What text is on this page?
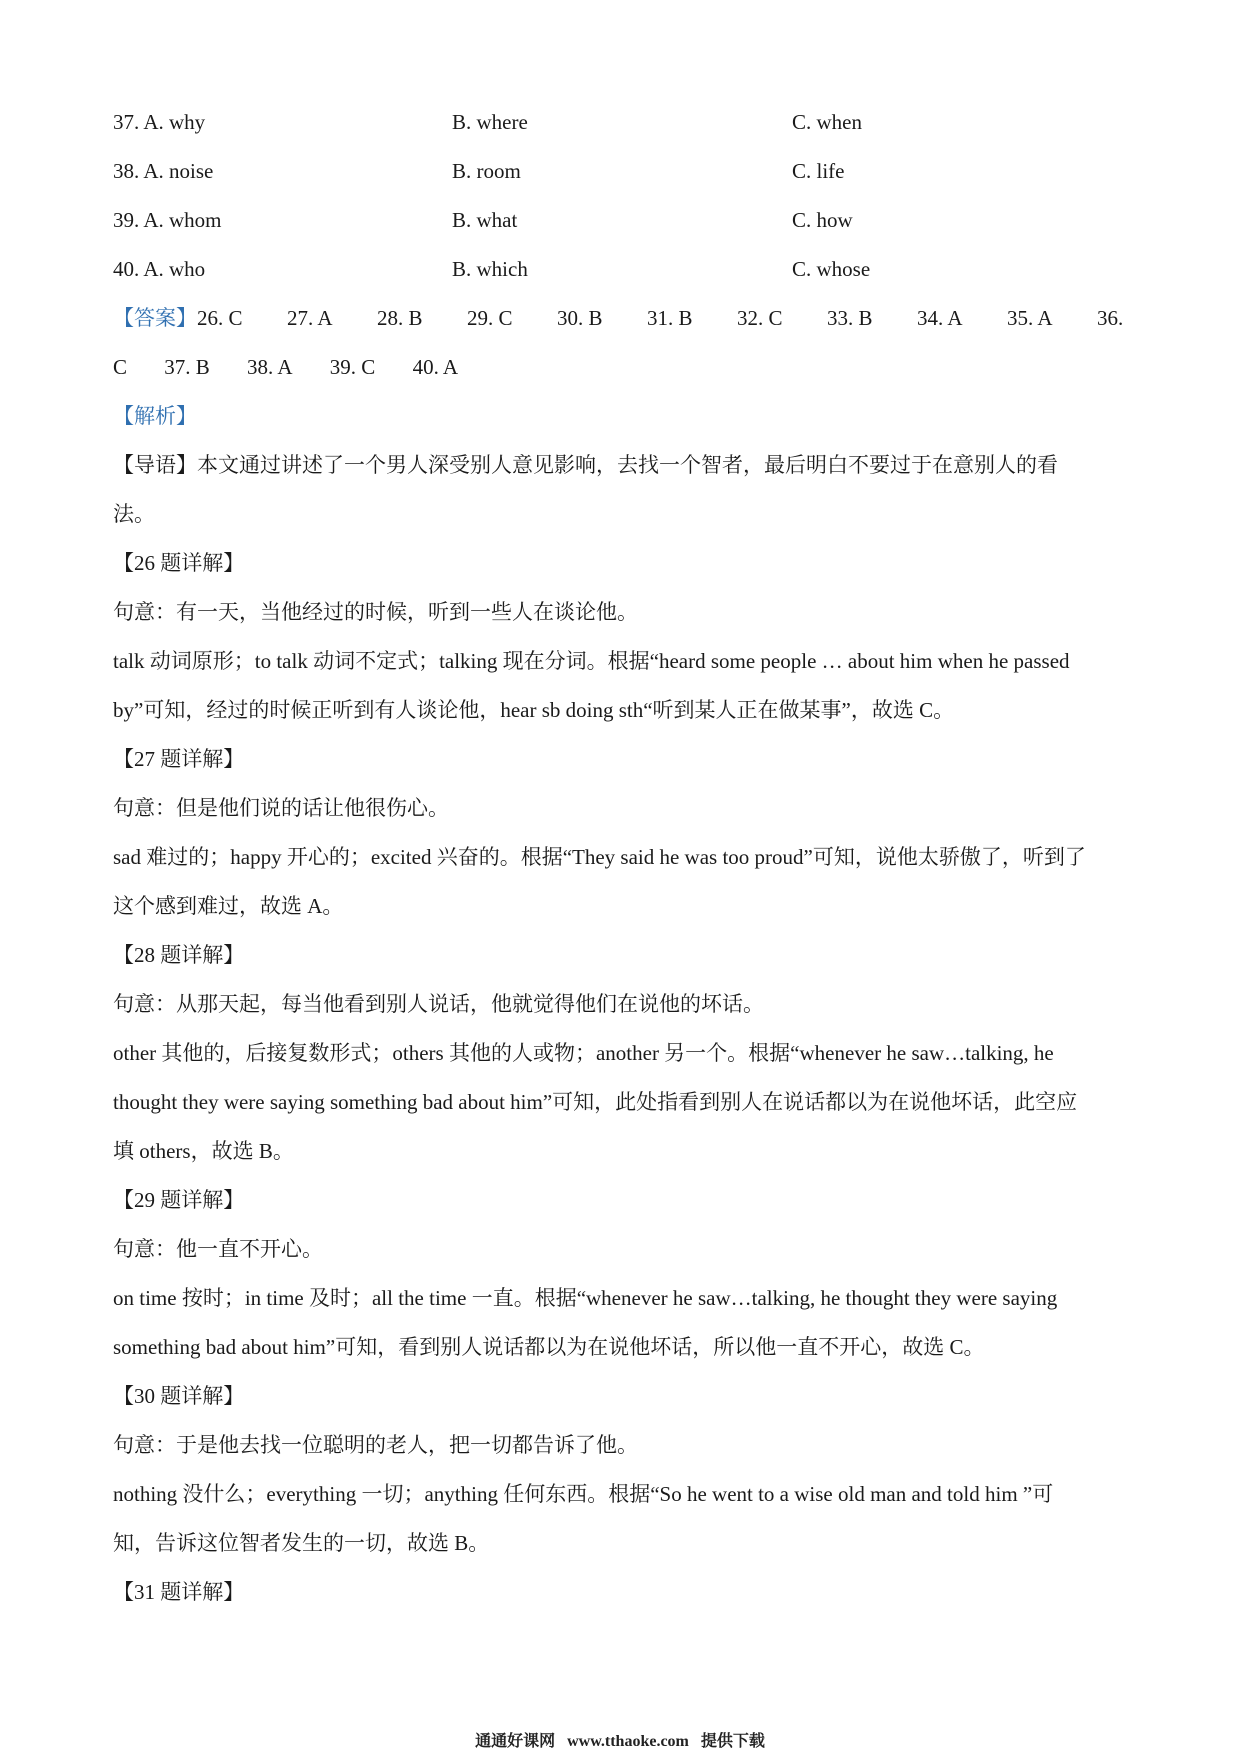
37. A. why	B. where	C. when
38. A. noise	B. room	C. life
39. A. whom	B. what	C. how
40. A. who	B. which	C. whose
【答案】 26. C	27. A	28. B	29. C	30. B	31. B	32. C	33. B	34. A	35. A	36.
C 37. B 38. A 39. C 40. A
【解析】
【导语】本文通过讲述了一个男人深受别人意见影响，去找一个智者，最后明白不要过于在意别人的看
法。
【26 题详解】
句意：有一天，当他经过的时候，听到一些人在谈论他。
talk 动词原形；to talk 动词不定式；talking 现在分词。根据“heard some people … about him when he passed
by”可知，经过的时候正听到有人谈论他，hear sb doing sth“听到某人正在做某事”，故选 C。
【27 题详解】
句意：但是他们说的话让他很伤心。
sad 难过的；happy 开心的；excited 兴奋的。根据“They said he was too proud”可知，说他太骄傲了，听到了
这个感到难过，故选 A。
【28 题详解】
句意：从那天起，每当他看到别人说话，他就觉得他们在说他的坏话。
other 其他的，后接复数形式；others 其他的人或物；another 另一个。根据“whenever he saw…talking, he
thought they were saying something bad about him”可知，此处指看到别人在说话都以为在说他坏话，此空应
填 others，故选 B。
【29 题详解】
句意：他一直不开心。
on time 按时；in time 及时；all the time 一直。根据“whenever he saw…talking, he thought they were saying
something bad about him”可知，看到别人说话都以为在说他坏话，所以他一直不开心，故选 C。
【30 题详解】
句意：于是他去找一位聪明的老人，把一切都告诉了他。
nothing 没什么；everything 一切；anything 任何东西。根据“So he went to a wise old man and told him ”可
知，告诉这位智者发生的一切，故选 B。
【31 题详解】
通通好课网 www.tthaoke.com 提供下载
